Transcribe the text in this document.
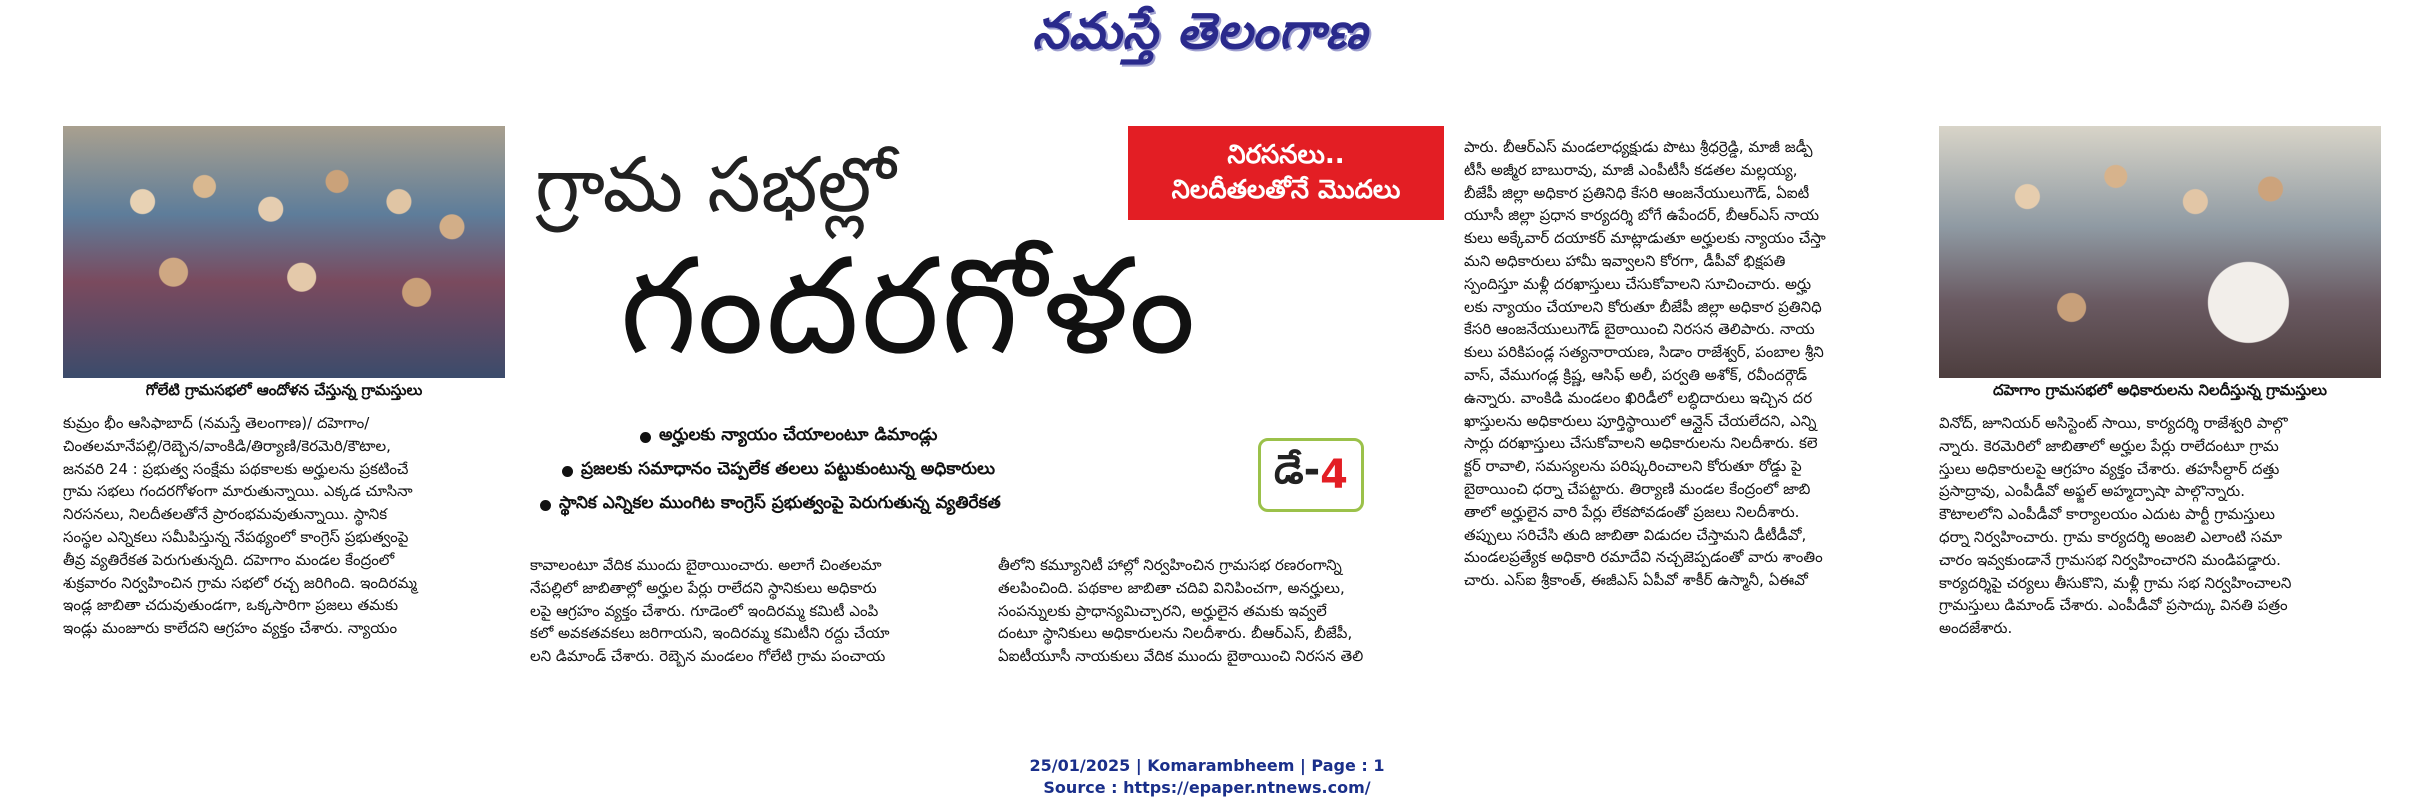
నమస్తే తెలంగాణ
గోలేటి గ్రామసభలో ఆందోళన చేస్తున్న గ్రామస్తులు
నిరసనలు..
నిలదీతలతోనే మొదలు
గ్రామ సభల్లో
గందరగోళం
అర్హులకు న్యాయం చేయాలంటూ డిమాండ్లు
ప్రజలకు సమాధానం చెప్పలేక తలలు పట్టుకుంటున్న అధికారులు
స్థానిక ఎన్నికల ముంగిట కాంగ్రెస్ ప్రభుత్వంపై పెరుగుతున్న వ్యతిరేకత
డే- 4
కుమ్రం భీం ఆసిఫాబాద్ (నమస్తే తెలంగాణ)/ దహెగాం/
చింతలమానేపల్లి/రెబ్బెన/వాంకిడి/తిర్యాణి/కెరమెరి/కౌటాల,
జనవరి 24 : ప్రభుత్వ సంక్షేమ పథకాలకు అర్హులను ప్రకటించే
గ్రామ సభలు గందరగోళంగా మారుతున్నాయి. ఎక్కడ చూసినా
నిరసనలు, నిలదీతలతోనే ప్రారంభమవుతున్నాయి. స్థానిక
సంస్థల ఎన్నికలు సమీపిస్తున్న నేపథ్యంలో కాంగ్రెస్ ప్రభుత్వంపై
తీవ్ర వ్యతిరేకత పెరుగుతున్నది. దహెగాం మండల కేంద్రంలో
శుక్రవారం నిర్వహించిన గ్రామ సభలో రచ్చ జరిగింది. ఇందిరమ్మ
ఇండ్ల జాబితా చదువుతుండగా, ఒక్కసారిగా ప్రజలు తమకు
ఇండ్లు మంజూరు కాలేదని ఆగ్రహం వ్యక్తం చేశారు. న్యాయం
కావాలంటూ వేదిక ముందు బైఠాయించారు. అలాగే చింతలమా
నేపల్లిలో జాబితాల్లో అర్హుల పేర్లు రాలేదని స్థానికులు అధికారు
లపై ఆగ్రహం వ్యక్తం చేశారు. గూడెంలో ఇందిరమ్మ కమిటీ ఎంపి
కలో అవకతవకలు జరిగాయని, ఇందిరమ్మ కమిటీని రద్దు చేయా
లని డిమాండ్ చేశారు. రెబ్బెన మండలం గోలేటి గ్రామ పంచాయ
తీలోని కమ్యూనిటీ హాల్లో నిర్వహించిన గ్రామసభ రణరంగాన్ని
తలపించింది. పథకాల జాబితా చదివి వినిపించగా, అనర్హులు,
సంపన్నులకు ప్రాధాన్యమిచ్చారని, అర్హులైన తమకు ఇవ్వలే
దంటూ స్థానికులు అధికారులను నిలదీశారు. బీఆర్ఎస్, బీజేపీ,
ఏఐటీయూసీ నాయకులు వేదిక ముందు బైఠాయించి నిరసన తెలి
పారు. బీఆర్ఎస్ మండలాధ్యక్షుడు పొటు శ్రీధర్రెడ్డి, మాజీ జడ్పీ
టీసీ అజ్మీర బాబురావు, మాజీ ఎంపీటీసీ కడతల మల్లయ్య,
బీజేపీ జిల్లా అధికార ప్రతినిధి కేసరి ఆంజనేయులుగౌడ్, ఏఐటీ
యూసీ జిల్లా ప్రధాన కార్యదర్శి బోగే ఉపేందర్, బీఆర్ఎస్ నాయ
కులు అక్కేవార్ దయాకర్ మాట్లాడుతూ అర్హులకు న్యాయం చేస్తా
మని అధికారులు హామీ ఇవ్వాలని కోరగా, డీపీవో భిక్షపతి
స్పందిస్తూ మళ్లీ దరఖాస్తులు చేసుకోవాలని సూచించారు. అర్హు
లకు న్యాయం చేయాలని కోరుతూ బీజేపీ జిల్లా అధికార ప్రతినిధి
కేసరి ఆంజనేయులుగౌడ్ బైఠాయించి నిరసన తెలిపారు. నాయ
కులు పరికిపండ్ల సత్యనారాయణ, సిడాం రాజేశ్వర్, పంబాల శ్రీని
వాస్, వేముగండ్ల క్రిష్ణ, ఆసిఫ్ అలీ, పర్వతి అశోక్, రవీందర్గౌడ్
ఉన్నారు. వాంకిడి మండలం ఖిరిడీలో లబ్ధిదారులు ఇచ్చిన దర
ఖాస్తులను అధికారులు పూర్తిస్థాయిలో ఆన్లైన్ చేయలేదని, ఎన్ని
సార్లు దరఖాస్తులు చేసుకోవాలని అధికారులను నిలదీశారు. కలె
క్టర్ రావాలి, సమస్యలను పరిష్కరించాలని కోరుతూ రోడ్డు పై
బైఠాయించి ధర్నా చేపట్టారు. తిర్యాణి మండల కేంద్రంలో జాబి
తాలో అర్హులైన వారి పేర్లు లేకపోవడంతో ప్రజలు నిలదీశారు.
తప్పులు సరిచేసి తుది జాబితా విడుదల చేస్తామని డీటీడీవో,
మండలప్రత్యేక అధికారి రమాదేవి నచ్చజెప్పడంతో వారు శాంతిం
చారు. ఎస్ఐ శ్రీకాంత్, ఈజీఎస్ ఏపీవో శాకీర్ ఉస్మానీ, ఏఈవో
వినోద్, జూనియర్ అసిస్టెంట్ సాయి, కార్యదర్శి రాజేశ్వరి పాల్గొ
న్నారు. కెరమెరిలో జాబితాలో అర్హుల పేర్లు రాలేదంటూ గ్రామ
స్తులు అధికారులపై ఆగ్రహం వ్యక్తం చేశారు. తహసీల్దార్ దత్తు
ప్రసాద్రావు, ఎంపీడీవో అఫ్జల్ అహ్మద్పాషా పాల్గొన్నారు.
కౌటాలలోని ఎంపీడీవో కార్యాలయం ఎదుట పార్టీ గ్రామస్తులు
ధర్నా నిర్వహించారు. గ్రామ కార్యదర్శి అంజలి ఎలాంటి సమా
చారం ఇవ్వకుండానే గ్రామసభ నిర్వహించారని మండిపడ్డారు.
కార్యదర్శిపై చర్యలు తీసుకొని, మళ్లీ గ్రామ సభ నిర్వహించాలని
గ్రామస్తులు డిమాండ్ చేశారు. ఎంపీడీవో ప్రసాద్కు వినతి పత్రం
అందజేశారు.
దహెగాం గ్రామసభలో అధికారులను నిలదీస్తున్న గ్రామస్తులు
25/01/2025 | Komarambheem | Page : 1
Source : https://epaper.ntnews.com/
